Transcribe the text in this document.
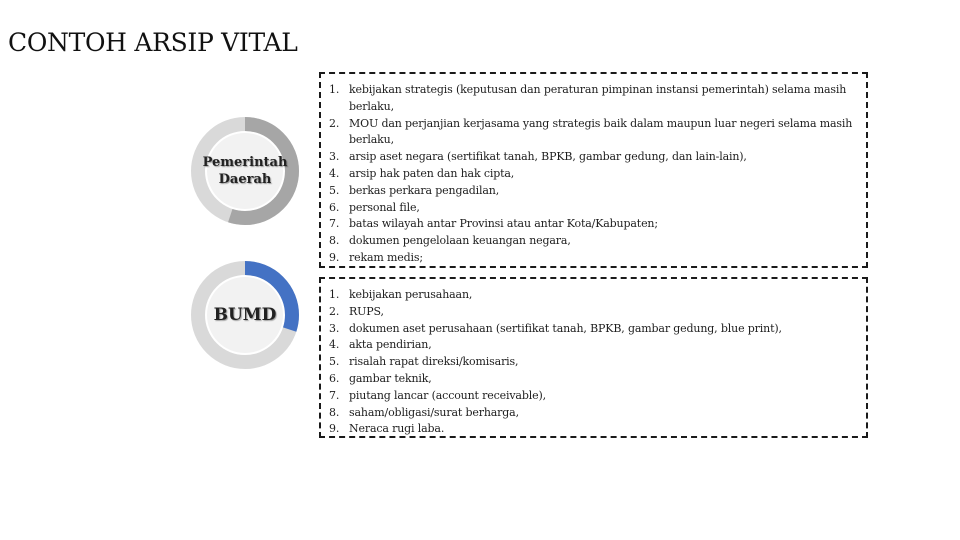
CONTOH ARSIP VITAL
Pemerintah
Daerah
BUMD
1. kebijakan strategis (keputusan dan peraturan pimpinan instansi pemerintah) selama masih berlaku,
2. MOU dan perjanjian kerjasama yang strategis baik dalam maupun luar negeri selama masih berlaku,
3. arsip aset negara (sertifikat tanah, BPKB, gambar gedung, dan lain-lain),
4. arsip hak paten dan hak cipta,
5. berkas perkara pengadilan,
6. personal file,
7. batas wilayah antar Provinsi atau antar Kota/Kabupaten;
8. dokumen pengelolaan keuangan negara,
9. rekam medis;
1. kebijakan perusahaan,
2. RUPS,
3. dokumen aset perusahaan (sertifikat tanah, BPKB, gambar gedung, blue print),
4. akta pendirian,
5. risalah rapat direksi/komisaris,
6. gambar teknik,
7. piutang lancar (account receivable),
8. saham/obligasi/surat berharga,
9. Neraca rugi laba.
